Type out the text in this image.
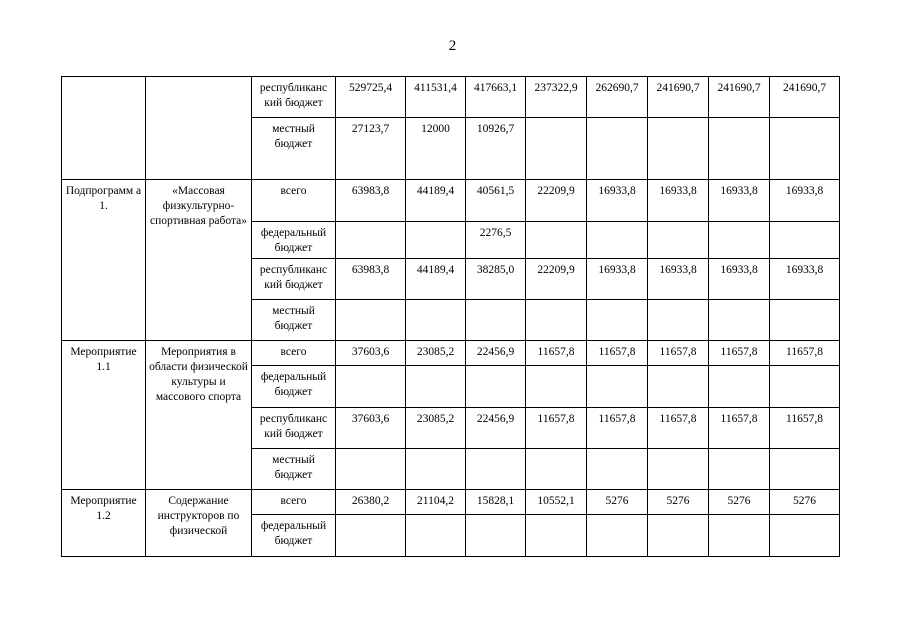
2
		республиканс кий бюджет	529725,4	411531,4	417663,1	237322,9	262690,7	241690,7	241690,7	241690,7
		местный бюджет	27123,7	12000	10926,7					
Подпрограмм а 1.	«Массовая физкультурно-спортивная работа»	всего	63983,8	44189,4	40561,5	22209,9	16933,8	16933,8	16933,8	16933,8
		федеральный бюджет			2276,5					
		республиканс кий бюджет	63983,8	44189,4	38285,0	22209,9	16933,8	16933,8	16933,8	16933,8
		местный бюджет								
Мероприятие 1.1	Мероприятия в области физической культуры и массового спорта	всего	37603,6	23085,2	22456,9	11657,8	11657,8	11657,8	11657,8	11657,8
		федеральный бюджет								
		республиканс кий бюджет	37603,6	23085,2	22456,9	11657,8	11657,8	11657,8	11657,8	11657,8
		местный бюджет								
Мероприятие 1.2	Содержание инструкторов по физической	всего	26380,2	21104,2	15828,1	10552,1	5276	5276	5276	5276
		федеральный бюджет								
